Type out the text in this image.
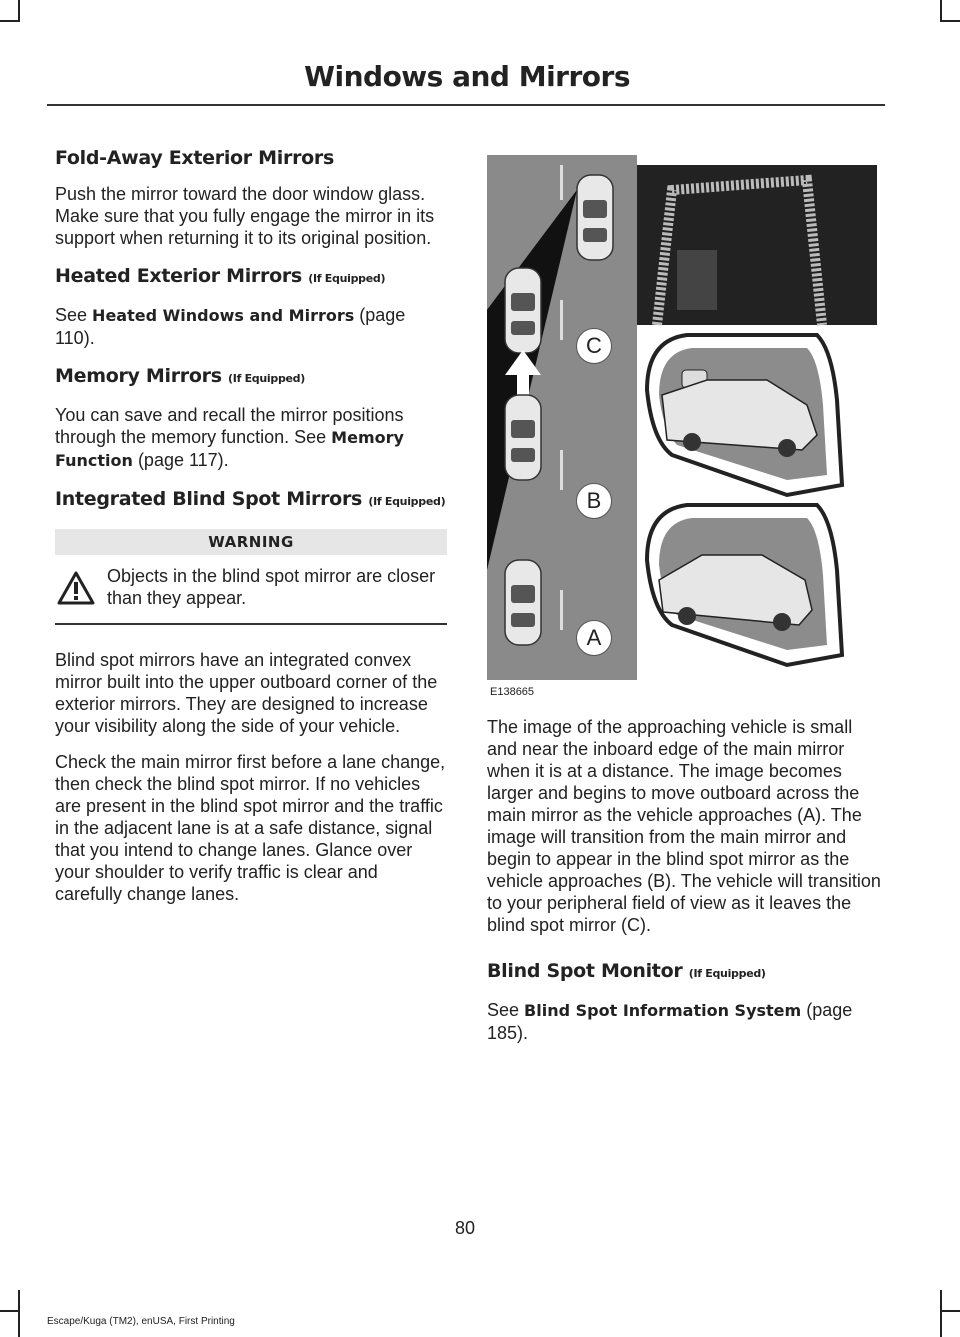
Windows and Mirrors
Fold-Away Exterior Mirrors

Push the mirror toward the door window glass. Make sure that you fully engage the mirror in its support when returning it to its original position.

Heated Exterior Mirrors (If Equipped)

See Heated Windows and Mirrors (page 110).

Memory Mirrors (If Equipped)

You can save and recall the mirror positions through the memory function. See Memory Function (page 117).

Integrated Blind Spot Mirrors (If Equipped)
WARNING

Objects in the blind spot mirror are closer than they appear.

Blind spot mirrors have an integrated convex mirror built into the upper outboard corner of the exterior mirrors. They are designed to increase your visibility along the side of your vehicle.

Check the main mirror first before a lane change, then check the blind spot mirror. If no vehicles are present in the blind spot mirror and the traffic in the adjacent lane is at a safe distance, signal that you intend to change lanes. Glance over your shoulder to verify traffic is clear and carefully change lanes.

C
B
A
E138665

The image of the approaching vehicle is small and near the inboard edge of the main mirror when it is at a distance. The image becomes larger and begins to move outboard across the main mirror as the vehicle approaches (A). The image will transition from the main mirror and begin to appear in the blind spot mirror as the vehicle approaches (B). The vehicle will transition to your peripheral field of view as it leaves the blind spot mirror (C).

Blind Spot Monitor (If Equipped)

See Blind Spot Information System (page 185).

80
Escape/Kuga (TM2), enUSA, First Printing
